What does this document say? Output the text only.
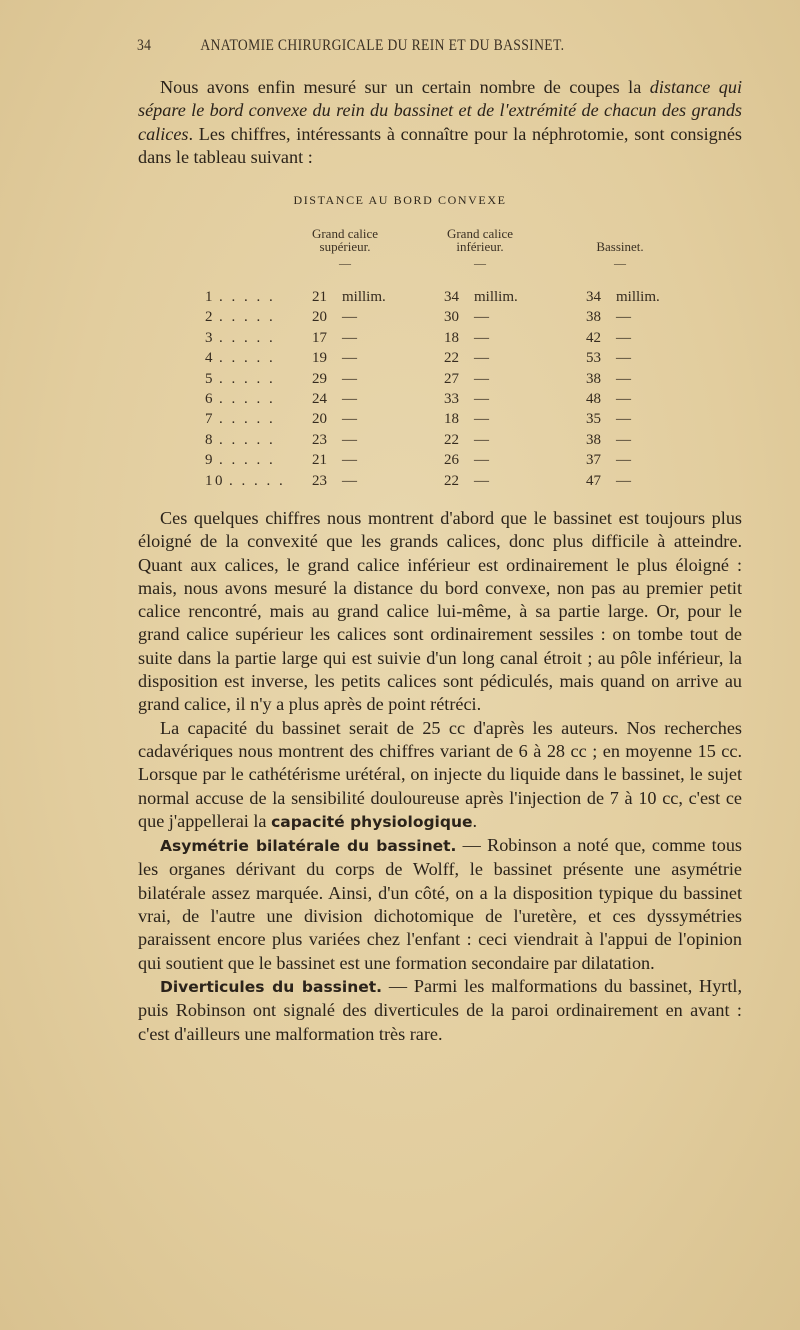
34	ANATOMIE CHIRURGICALE DU REIN ET DU BASSINET.

Nous avons enfin mesuré sur un certain nombre de coupes la distance qui sépare le bord convexe du rein du bassinet et de l'extrémité de chacun des grands calices. Les chiffres, intéressants à connaître pour la néphrotomie, sont consignés dans le tableau suivant :

DISTANCE AU BORD CONVEXE
Grand calice
supérieur.
—
Grand calice
inférieur.
—
Bassinet.
—
1 . . . . .	21 millim.	34 millim.	34 millim.
2 . . . . .	20 —	30 —	38 —
3 . . . . .	17 —	18 —	42 —
4 . . . . .	19 —	22 —	53 —
5 . . . . .	29 —	27 —	38 —
6 . . . . .	24 —	33 —	48 —
7 . . . . .	20 —	18 —	35 —
8 . . . . .	23 —	22 —	38 —
9 . . . . .	21 —	26 —	37 —
10 . . . . .	23 —	22 —	47 —

Ces quelques chiffres nous montrent d'abord que le bassinet est toujours plus éloigné de la convexité que les grands calices, donc plus difficile à atteindre. Quant aux calices, le grand calice inférieur est ordinairement le plus éloigné : mais, nous avons mesuré la distance du bord convexe, non pas au premier petit calice rencontré, mais au grand calice lui-même, à sa partie large. Or, pour le grand calice supérieur les calices sont ordinairement sessiles : on tombe tout de suite dans la partie large qui est suivie d'un long canal étroit ; au pôle inférieur, la disposition est inverse, les petits calices sont pédiculés, mais quand on arrive au grand calice, il n'y a plus après de point rétréci.

La capacité du bassinet serait de 25 cc d'après les auteurs. Nos recherches cadavériques nous montrent des chiffres variant de 6 à 28 cc ; en moyenne 15 cc. Lorsque par le cathétérisme urétéral, on injecte du liquide dans le bassinet, le sujet normal accuse de la sensibilité douloureuse après l'injection de 7 à 10 cc, c'est ce que j'appellerai la capacité physiologique.

Asymétrie bilatérale du bassinet. — Robinson a noté que, comme tous les organes dérivant du corps de Wolff, le bassinet présente une asymétrie bilatérale assez marquée. Ainsi, d'un côté, on a la disposition typique du bassinet vrai, de l'autre une division dichotomique de l'uretère, et ces dyssymétries paraissent encore plus variées chez l'enfant : ceci viendrait à l'appui de l'opinion qui soutient que le bassinet est une formation secondaire par dilatation.

Diverticules du bassinet. — Parmi les malformations du bassinet, Hyrtl, puis Robinson ont signalé des diverticules de la paroi ordinairement en avant : c'est d'ailleurs une malformation très rare.
